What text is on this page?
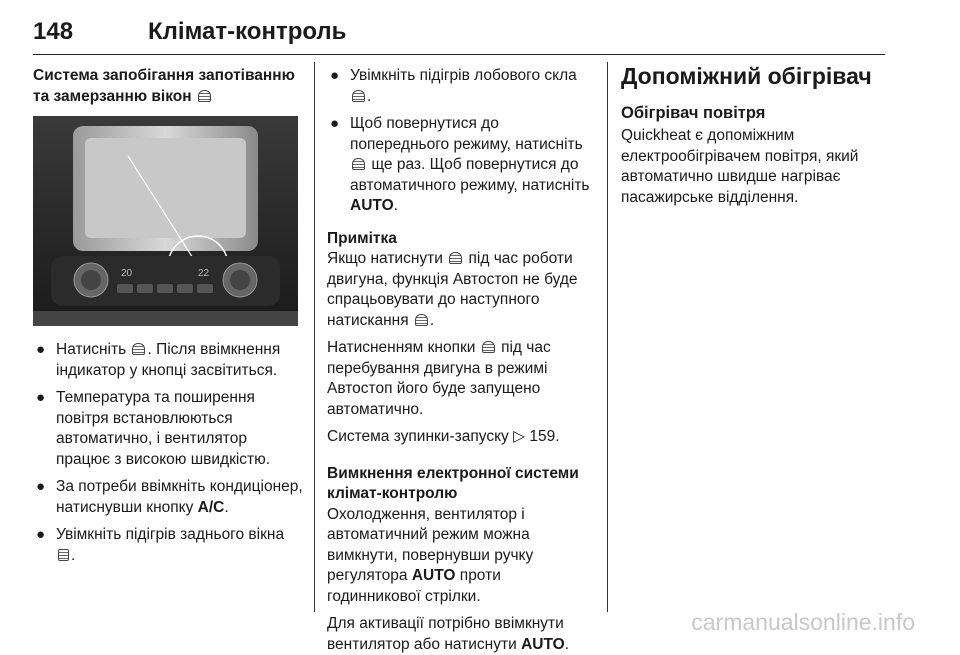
148	Клімат-контроль

Система запобігання запотіванню та замерзанню вікон

20	22

● Натисніть . Після ввімкнення індикатор у кнопці засвітиться.

● Температура та поширення повітря встановлюються автоматично, і вентилятор працює з високою швидкістю.

● За потреби ввімкніть кондиціонер, натиснувши кнопку A/C.

● Увімкніть підігрів заднього вікна .

● Увімкніть підігрів лобового скла .

● Щоб повернутися до попереднього режиму, натисніть  ще раз. Щоб повернутися до автоматичного режиму, натисніть AUTO.

Примітка

Якщо натиснути під час роботи двигуна, функція Автостоп не буде спрацьовувати до наступного натискання .

Натисненням кнопки під час перебування двигуна в режимі Автостоп його буде запущено автоматично.

Система зупинки-запуску ▷ 159.

Вимкнення електронної системи клімат-контролю

Охолодження, вентилятор і автоматичний режим можна вимкнути, повернувши ручку регулятора AUTO проти годинникової стрілки.

Для активації потрібно ввімкнути вентилятор або натиснути AUTO.

Допоміжний обігрівач

Обігрівач повітря

Quickheat є допоміжним електрообігрівачем повітря, який автоматично швидше нагріває пасажирське відділення.

carmanualsonline.info
